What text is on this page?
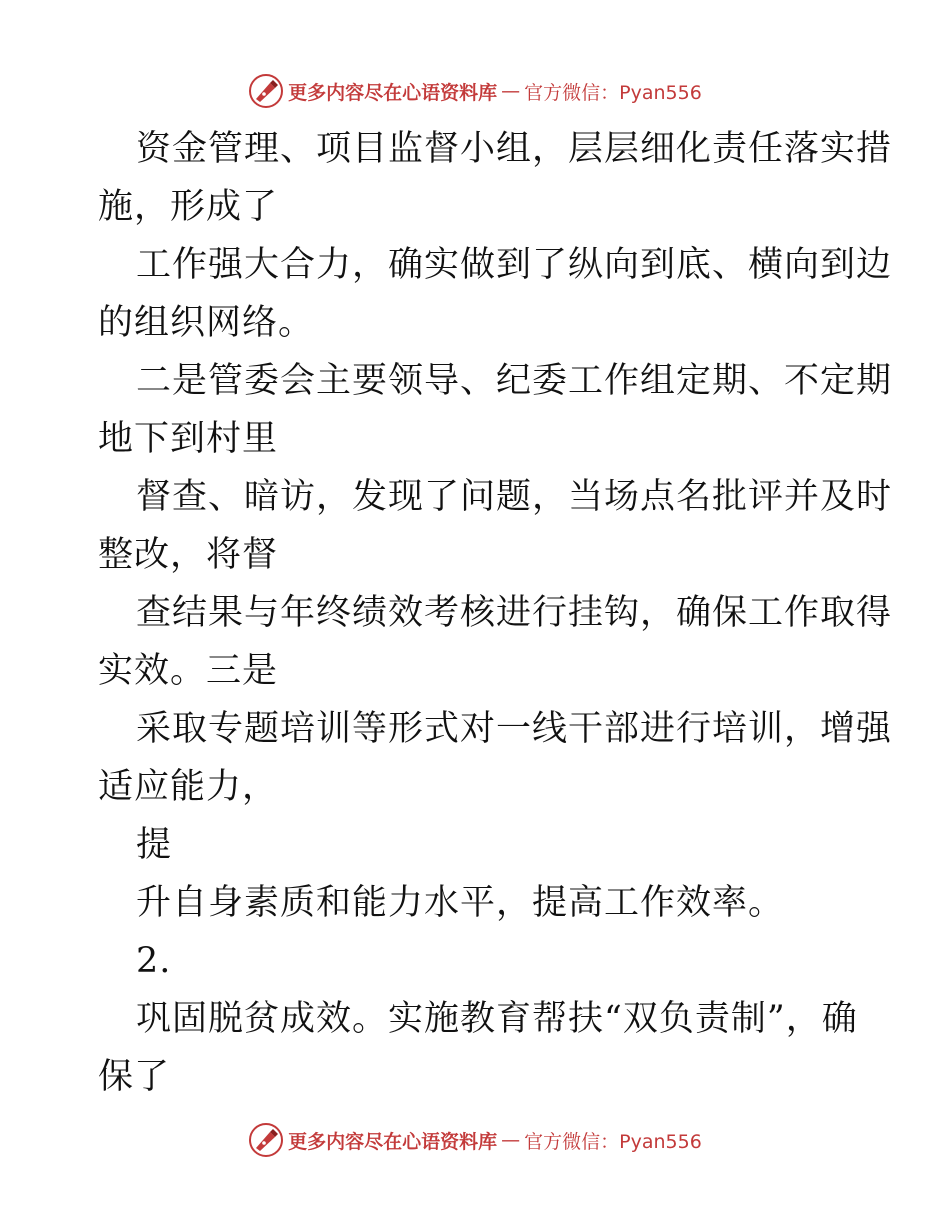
更多内容尽在心语资料库 — 官方微信：Pyan556
资金管理、项目监督小组，层层细化责任落实措
施，形成了
工作强大合力，确实做到了纵向到底、横向到边
的组织网络。
二是管委会主要领导、纪委工作组定期、不定期
地下到村里
督查、暗访，发现了问题，当场点名批评并及时
整改，将督
查结果与年终绩效考核进行挂钩，确保工作取得
实效。三是
采取专题培训等形式对一线干部进行培训，增强
适应能力，
提
升自身素质和能力水平，提高工作效率。
2.
巩固脱贫成效。实施教育帮扶“双负责制”，确
保了
更多内容尽在心语资料库 — 官方微信：Pyan556
